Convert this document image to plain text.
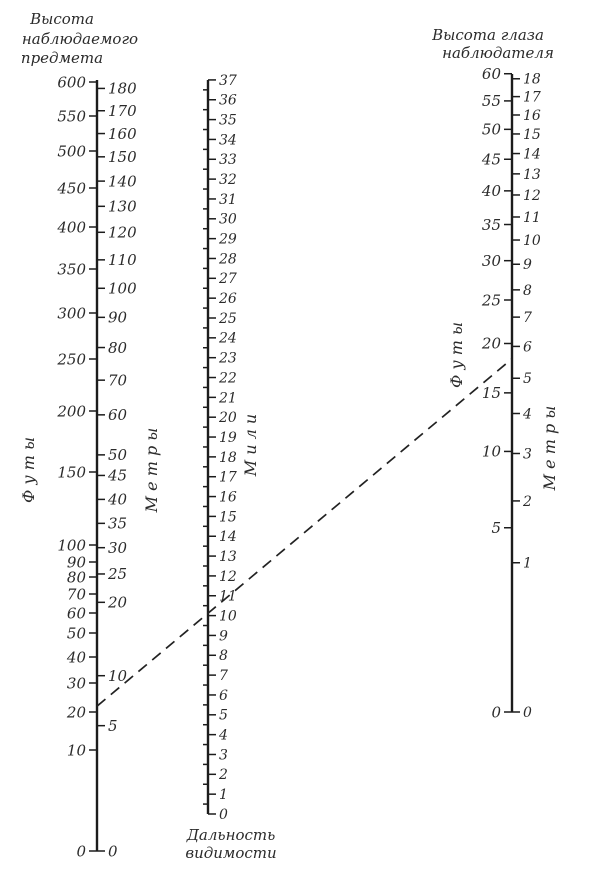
Высота
наблюдаемого
предмета
Высота глаза
наблюдателя
Дальность
видимости
Ф у т ы	М е т р ы	М и л и
Ф у т ы
М е т р ы
0
10
20
30
40
50
60
70
80
90
100
150
200
250
300
350
400
450
500
550
600
0
5
10
20
25
30
35
40
45
50
60
70
80
90
100
110
120
130
140
150
160
170
180
0
1
2
3
4
5
6
7
8
9
10
11
12
13
14
15
16
17
18
19
20
21
22
23
24
25
26
27
28
29
30
31
32
33
34
35
36
37
0
5
10
15
20
25
30
35
40
45
50
55
60
0
1
2
3
4
5
6
7
8
9
10
11
12
13
14
15
16
17
18
